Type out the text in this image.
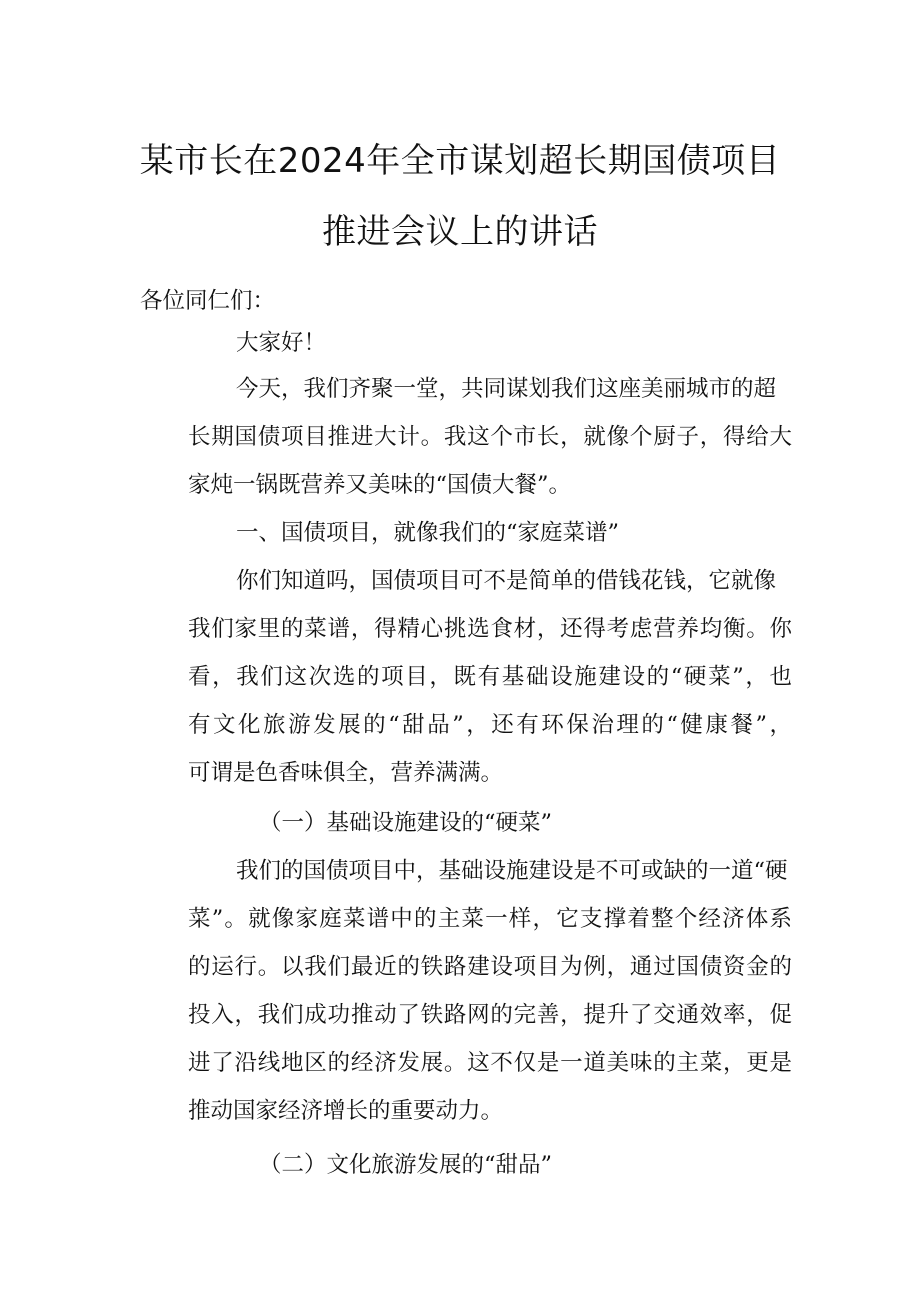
某市长在2024年全市谋划超长期国债项目
推进会议上的讲话
各位同仁们：
大家好！
今天，我们齐聚一堂，共同谋划我们这座美丽城市的超
长期国债项目推进大计。我这个市长，就像个厨子，得给大
家炖一锅既营养又美味的“国债大餐”。
一、国债项目，就像我们的“家庭菜谱”
你们知道吗，国债项目可不是简单的借钱花钱，它就像
我们家里的菜谱，得精心挑选食材，还得考虑营养均衡。你
看，我们这次选的项目，既有基础设施建设的“硬菜”，也
有文化旅游发展的“甜品”，还有环保治理的“健康餐”，
可谓是色香味俱全，营养满满。
（一）基础设施建设的“硬菜”
我们的国债项目中，基础设施建设是不可或缺的一道“硬
菜”。就像家庭菜谱中的主菜一样，它支撑着整个经济体系
的运行。以我们最近的铁路建设项目为例，通过国债资金的
投入，我们成功推动了铁路网的完善，提升了交通效率，促
进了沿线地区的经济发展。这不仅是一道美味的主菜，更是
推动国家经济增长的重要动力。
（二）文化旅游发展的“甜品”
